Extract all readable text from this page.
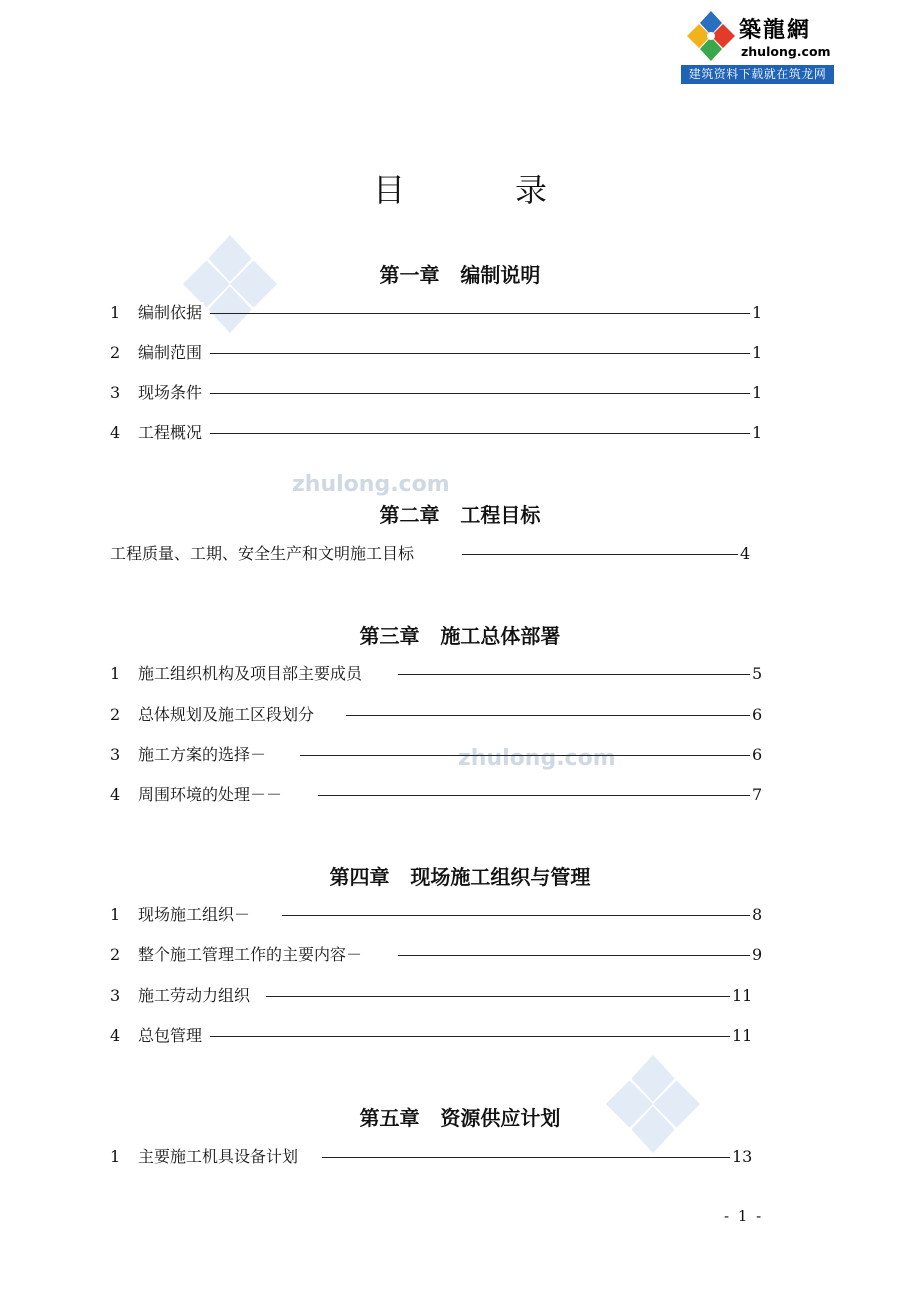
築龍網
zhulong.com
建筑资料下载就在筑龙网
zhulong.com
zhulong.com
目录
第一章   编制说明
1 编制依据	1
2 编制范围	1
3 现场条件	1
4 工程概况	1
第二章   工程目标
工程质量、工期、安全生产和文明施工目标	4
第三章   施工总体部署
1 施工组织机构及项目部主要成员	5
2 总体规划及施工区段划分	6
3 施工方案的选择－	6
4 周围环境的处理－－	7
第四章   现场施工组织与管理
1 现场施工组织－	8
2 整个施工管理工作的主要内容－	9
3 施工劳动力组织	11
4 总包管理	11
第五章   资源供应计划
1 主要施工机具设备计划	13
- 1 -
